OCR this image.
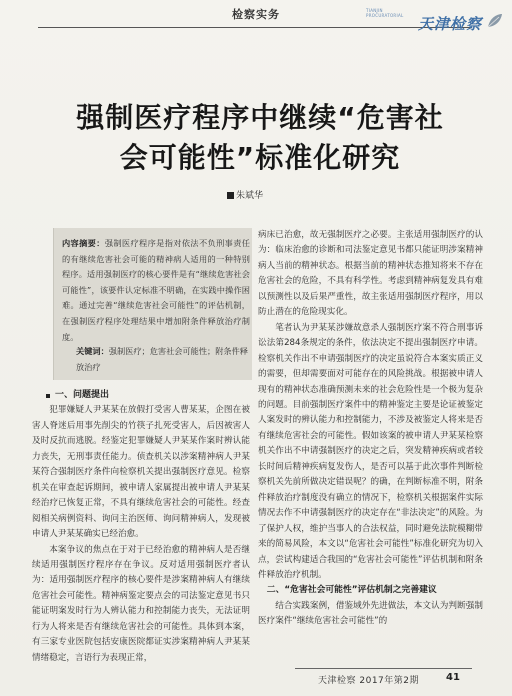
检察实务	TIANJIN PROCURATORIAL 天津检察
强制医疗程序中继续“危害社
会可能性”标准化研究
朱斌华
内容摘要：强制医疗程序是指对依法不负刑事责任的有继续危害社会可能的精神病人适用的一种特别程序。适用强制医疗的核心要件是有“继续危害社会可能性”，该要件认定标准不明确，在实践中操作困难。通过完善“继续危害社会可能性”的评估机制，在强制医疗程序处理结果中增加附条件释放治疗制度。
关键词：强制医疗；危害社会可能性；附条件释放治疗

一、问题提出

犯罪嫌疑人尹某某在放假打受害人曹某某，企图在被害人脊迷后用事先削尖的竹筷子扎死受害人，后因被害人及时反抗而逃脱。经鉴定犯罪嫌疑人尹某某作案时辨认能力丧失，无刑事责任能力。侦查机关以涉案精神病人尹某某符合强制医疗条件向检察机关提出强制医疗意见。检察机关在审查起诉期间，被申请人家属提出被申请人尹某某经治疗已恢复正常，不具有继续危害社会的可能性。经查阅相关病例资料、询问主治医师、询问精神病人，发现被申请人尹某某确实已经治愈。

本案争议的焦点在于对于已经治愈的精神病人是否继续适用强制医疗程序存在争议。反对适用强制医疗者认为：适用强制医疗程序的核心要件是涉案精神病人有继续危害社会可能性。精神病鉴定要点会的司法鉴定意见书只能证明案发时行为人辨认能力和控制能力丧失，无法证明行为人将来是否有继续危害社会的可能性。具体到本案，有三家专业医院包括安康医院都证实涉案精神病人尹某某情绪稳定，言语行为表现正常，

病床已治愈，故无强制医疗之必要。主张适用强制医疗的认为：临床治愈的诊断和司法鉴定意见书都只能证明涉案精神病人当前的精神状态。根据当前的精神状态推知将来不存在危害社会的危险，不具有科学性。考虑到精神病复发具有难以预测性以及后果严重性，故主张适用强制医疗程序，用以防止潜在的危险现实化。

笔者认为尹某某涉嫌故意杀人强制医疗案不符合刑事诉讼法第284条规定的条件，依法决定不提出强制医疗申请。检察机关作出不申请强制医疗的决定虽说符合本案实质正义的需要，但却需要面对可能存在的风险挑战。根据被申请人现有的精神状态准确预测未来的社会危险性是一个极为复杂的问题。目前强制医疗案件中的精神鉴定主要是论证被鉴定人案发时的辨认能力和控制能力，不涉及被鉴定人将来是否有继续危害社会的可能性。假如该案的被申请人尹某某检察机关作出不申请强制医疗的决定之后，突发精神疾病或者较长时间后精神疾病复发伤人，是否可以基于此次事件判断检察机关先前所做决定错误呢？的确，在判断标准不明，附条件释放治疗制度没有确立的情况下，检察机关根据案件实际情况去作不申请强制医疗的决定存在“非法决定”的风险。为了保护人权，维护当事人的合法权益，同时避免法院模糊带来的简易风险，本文以“危害社会可能性”标准化研究为切入点，尝试构建适合我国的“危害社会可能性”评估机制和附条件释放治疗机制。

二、“危害社会可能性”评估机制之完善建议

结合实践案例，借鉴域外先进做法，本文认为判断强制医疗案件“继续危害社会可能性”的

天津检察 2017年第2期	41
